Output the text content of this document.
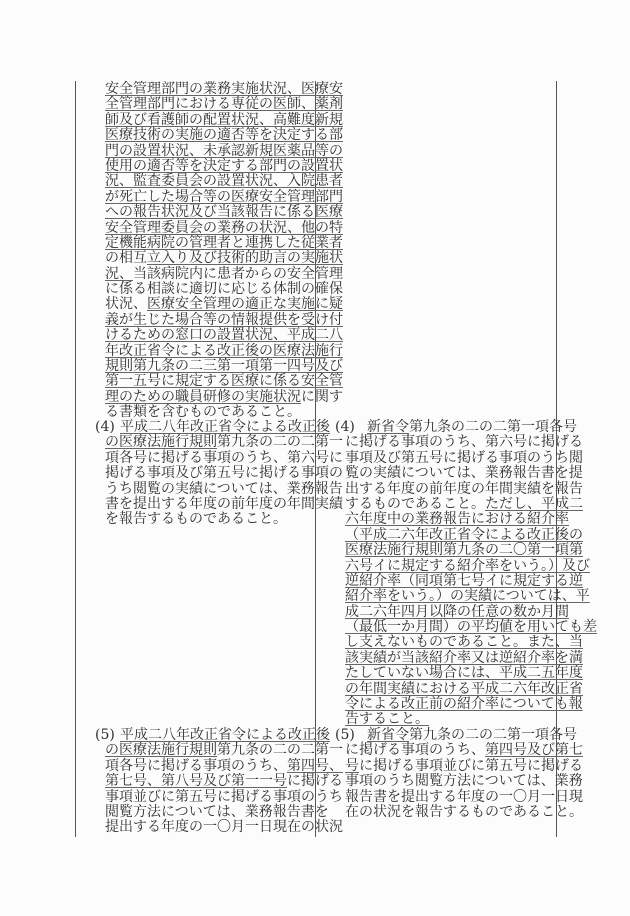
安全管理部門の業務実施状況、医療安
全管理部門における専従の医師、薬剤
師及び看護師の配置状況、高難度新規
医療技術の実施の適否等を決定する部
門の設置状況、未承認新規医薬品等の
使用の適否等を決定する部門の設置状
況、監査委員会の設置状況、入院患者
が死亡した場合等の医療安全管理部門
への報告状況及び当該報告に係る医療
安全管理委員会の業務の状況、他の特
定機能病院の管理者と連携した従業者
の相互立入り及び技術的助言の実施状
況、当該病院内に患者からの安全管理
に係る相談に適切に応じる体制の確保
状況、医療安全管理の適正な実施に疑
義が生じた場合等の情報提供を受け付
けるための窓口の設置状況、平成二八
年改正省令による改正後の医療法施行
規則第九条の二三第一項第一四号及び
第一五号に規定する医療に係る安全管
理のための職員研修の実施状況に関す
る書類を含むものであること。
(4) 平成二八年改正省令による改正後
の医療法施行規則第九条の二の二第一
項各号に掲げる事項のうち、第六号に
掲げる事項及び第五号に掲げる事項の
うち閲覧の実績については、業務報告
書を提出する年度の前年度の年間実績
を報告するものであること。
(5) 平成二八年改正省令による改正後
の医療法施行規則第九条の二の二第一
項各号に掲げる事項のうち、第四号、
第七号、第八号及び第一一号に掲げる
事項並びに第五号に掲げる事項のうち
閲覧方法については、業務報告書を
提出する年度の一〇月一日現在の状況
(4) 新省令第九条の二の二第一項各号
に掲げる事項のうち、第六号に掲げる
事項及び第五号に掲げる事項のうち閲
覧の実績については、業務報告書を提
出する年度の前年度の年間実績を報告
するものであること。ただし、平成二
六年度中の業務報告における紹介率
（平成二六年改正省令による改正後の
医療法施行規則第九条の二〇第一項第
六号イに規定する紹介率をいう。）及び
逆紹介率（同項第七号イに規定する逆
紹介率をいう。）の実績については、平
成二六年四月以降の任意の数か月間
（最低一か月間）の平均値を用いても差
し支えないものであること。また、当
該実績が当該紹介率又は逆紹介率を満
たしていない場合には、平成二五年度
の年間実績における平成二六年改正省
令による改正前の紹介率についても報
告すること。
(5) 新省令第九条の二の二第一項各号
に掲げる事項のうち、第四号及び第七
号に掲げる事項並びに第五号に掲げる
事項のうち閲覧方法については、業務
報告書を提出する年度の一〇月一日現
在の状況を報告するものであること。
